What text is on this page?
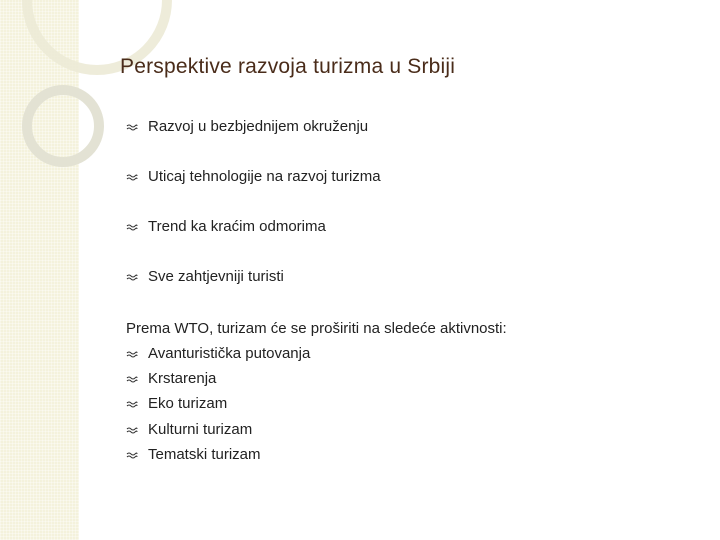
Perspektive razvoja turizma u Srbiji
Razvoj u bezbjednijem okruženju
Uticaj tehnologije na razvoj turizma
Trend ka kraćim odmorima
Sve zahtjevniji turisti
Prema WTO, turizam će se proširiti na sledeće aktivnosti:
Avanturistička putovanja
Krstarenja
Eko turizam
Kulturni turizam
Tematski turizam
